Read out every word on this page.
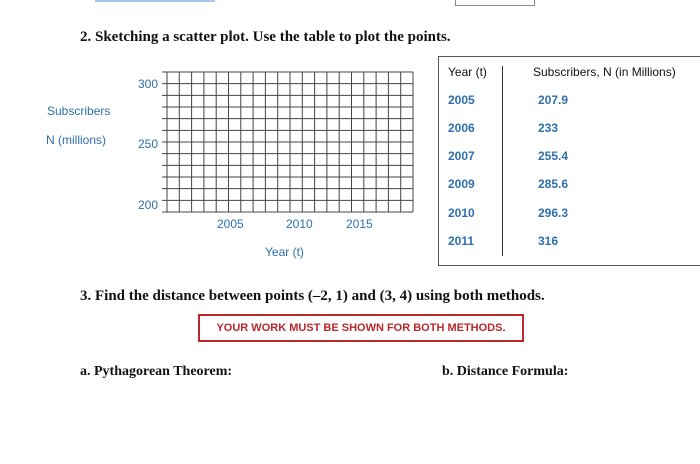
2. Sketching a scatter plot. Use the table to plot the points.
Subscribers
N (millions)
300
250
200
2005	2010	2015
Year (t)
Year (t)	Subscribers, N (in Millions)
2005	207.9
2006	233
2007	255.4
2009	285.6
2010	296.3
2011	316
3. Find the distance between points (–2, 1) and (3, 4) using both methods.
YOUR WORK MUST BE SHOWN FOR BOTH METHODS.
a. Pythagorean Theorem:	b. Distance Formula:
